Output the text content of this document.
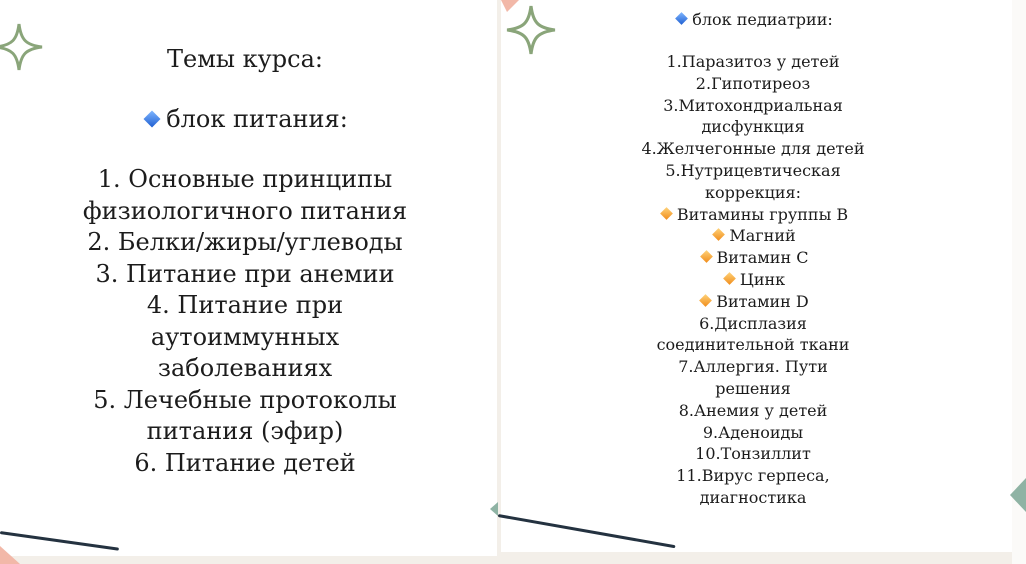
Темы курса:

блок питания:

1. Основные принципы
физиологичного питания
2. Белки/жиры/углеводы
3. Питание при анемии
4. Питание при
аутоиммунных
заболеваниях
5. Лечебные протоколы
питания (эфир)
6. Питание детей

блок педиатрии:

1.Паразитоз у детей
2.Гипотиреоз
3.Митохондриальная
дисфункция
4.Желчегонные для детей
5.Нутрицевтическая
коррекция:
Витамины группы В
Магний
Витамин С
Цинк
Витамин D
6.Дисплазия
соединительной ткани
7.Аллергия. Пути
решения
8.Анемия у детей
9.Аденоиды
10.Тонзиллит
11.Вирус герпеса,
диагностика
